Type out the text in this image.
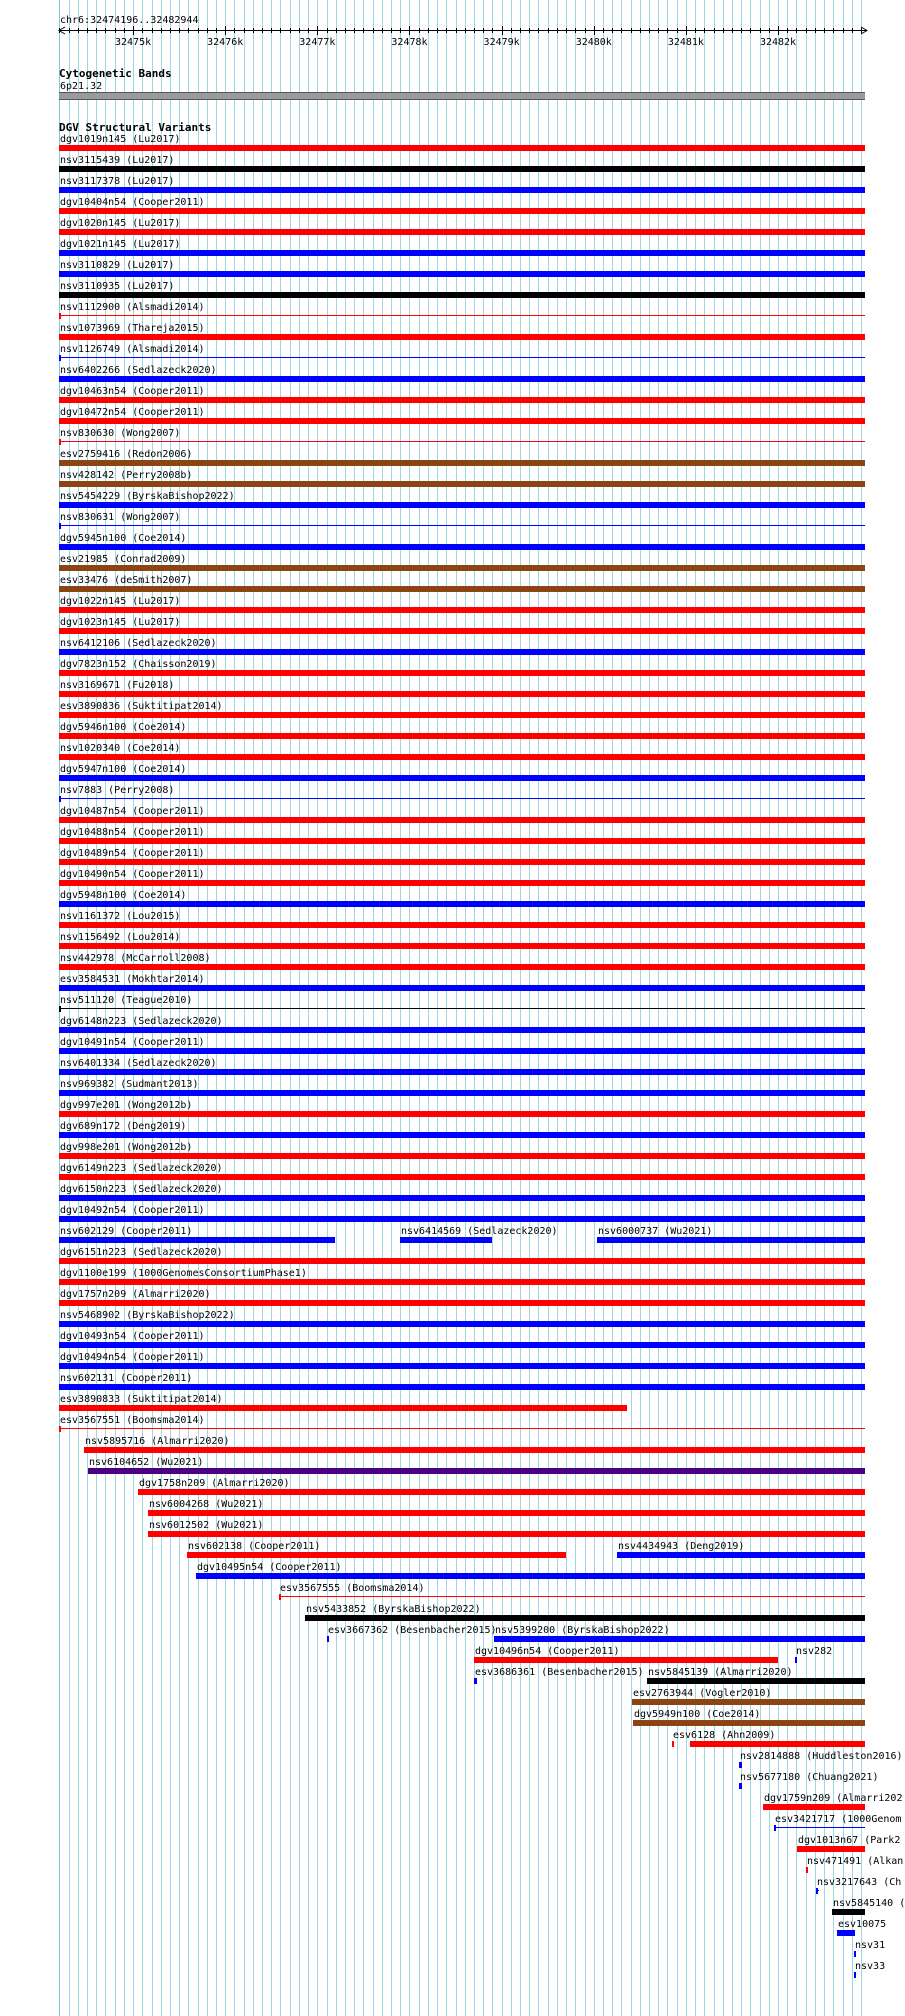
chr6:32474196..32482944
32475k	32476k	32477k	32478k	32479k	32480k	32481k	32482k
Cytogenetic Bands
6p21.32
DGV Structural Variants
dgv1019n145 (Lu2017)
nsv3115439 (Lu2017)
nsv3117378 (Lu2017)
dgv10404n54 (Cooper2011)
dgv1020n145 (Lu2017)
dgv1021n145 (Lu2017)
nsv3110829 (Lu2017)
nsv3110935 (Lu2017)
nsv1112900 (Alsmadi2014)
nsv1073969 (Thareja2015)
nsv1126749 (Alsmadi2014)
nsv6402266 (Sedlazeck2020)
dgv10463n54 (Cooper2011)
dgv10472n54 (Cooper2011)
nsv830630 (Wong2007)
esv2759416 (Redon2006)
nsv428142 (Perry2008b)
nsv5454229 (ByrskaBishop2022)
nsv830631 (Wong2007)
dgv5945n100 (Coe2014)
esv21985 (Conrad2009)
esv33476 (deSmith2007)
dgv1022n145 (Lu2017)
dgv1023n145 (Lu2017)
nsv6412106 (Sedlazeck2020)
dgv7823n152 (Chaisson2019)
nsv3169671 (Fu2018)
esv3890836 (Suktitipat2014)
dgv5946n100 (Coe2014)
nsv1020340 (Coe2014)
dgv5947n100 (Coe2014)
nsv7883 (Perry2008)
dgv10487n54 (Cooper2011)
dgv10488n54 (Cooper2011)
dgv10489n54 (Cooper2011)
dgv10490n54 (Cooper2011)
dgv5948n100 (Coe2014)
nsv1161372 (Lou2015)
nsv1156492 (Lou2014)
nsv442978 (McCarroll2008)
esv3584531 (Mokhtar2014)
nsv511120 (Teague2010)
dgv6148n223 (Sedlazeck2020)
dgv10491n54 (Cooper2011)
nsv6401334 (Sedlazeck2020)
nsv969382 (Sudmant2013)
dgv997e201 (Wong2012b)
dgv689n172 (Deng2019)
dgv998e201 (Wong2012b)
dgv6149n223 (Sedlazeck2020)
dgv6150n223 (Sedlazeck2020)
dgv10492n54 (Cooper2011)
nsv602129 (Cooper2011)	nsv6414569 (Sedlazeck2020)	nsv6000737 (Wu2021)
dgv6151n223 (Sedlazeck2020)
dgv1100e199 (1000GenomesConsortiumPhase1)
dgv1757n209 (Almarri2020)
nsv5468902 (ByrskaBishop2022)
dgv10493n54 (Cooper2011)
dgv10494n54 (Cooper2011)
nsv602131 (Cooper2011)
esv3890833 (Suktitipat2014)
esv3567551 (Boomsma2014)
nsv5895716 (Almarri2020)
nsv6104652 (Wu2021)
dgv1758n209 (Almarri2020)
nsv6004268 (Wu2021)
nsv6012502 (Wu2021)
nsv602138 (Cooper2011)	nsv4434943 (Deng2019)
dgv10495n54 (Cooper2011)
esv3567555 (Boomsma2014)
nsv5433852 (ByrskaBishop2022)
esv3667362 (Besenbacher2015)
nsv5399200 (ByrskaBishop2022)
dgv10496n54 (Cooper2011)	nsv282
esv3686361 (Besenbacher2015) nsv5845139 (Almarri2020)
esv2763944 (Vogler2010)
dgv5949n100 (Coe2014)
esv6128 (Ahn2009)
nsv2814888 (Huddleston2016)
nsv5677180 (Chuang2021)
dgv1759n209 (Almarri202
esv3421717 (1000Genom
dgv1013n67 (Park2
nsv471491 (Alkan
nsv3217643 (Ch
nsv5845140 (
esv10075
nsv31
nsv33
